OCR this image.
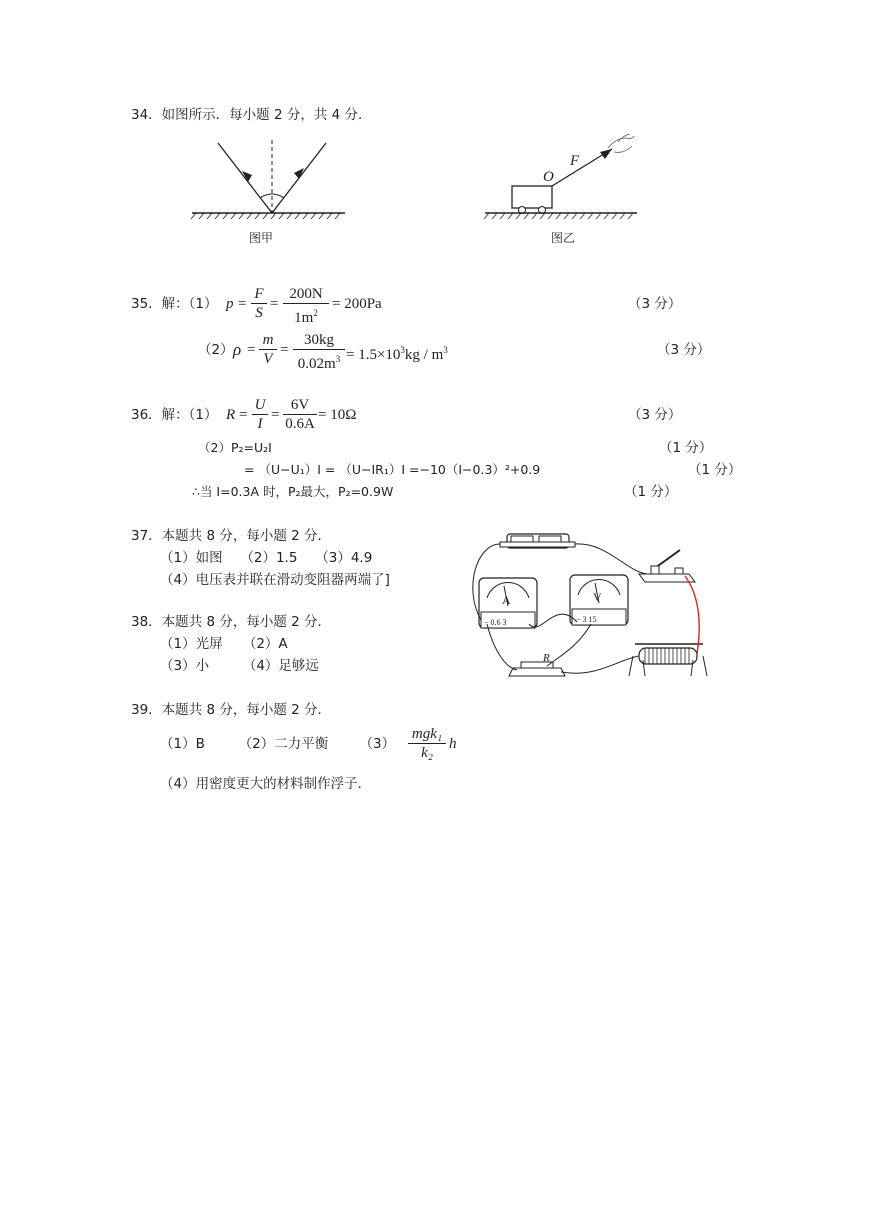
34．如图所示．每小题 2 分，共 4 分．
图甲
O
F
图乙
35．解：（1） $p = \frac{F}{S} = \frac{200N}{1m^2} = 200Pa$	（3 分）
（2） $\rho = \frac{m}{V} = \frac{30kg}{0.02m^3} = 1.5\times 10^3kg / m^3$	（3 分）
36．解：（1） $R = \frac{U}{I} = \frac{6V}{0.6A} = 10\Omega$	（3 分）
（2）P₂=U₂I	（1 分）
= （U−U₁）I = （U−IR₁）I =−10（I−0.3）²+0.9	（1 分）
∴当 I=0.3A 时，P₂最大，P₂=0.9W	（1 分）
37．本题共 8 分，每小题 2 分．
（1）如图　 （2）1.5　 （3）4.9
（4）电压表并联在滑动变阻器两端了]
A	V
R
− 0.6 3	− 3 15
38．本题共 8 分，每小题 2 分．
（1）光屏　　（2）A
（3）小　　　（4）足够远
39．本题共 8 分，每小题 2 分．
（1）B　　　（2）二力平衡　　 （3）
mgk₁
k₂
h
（4）用密度更大的材料制作浮子．
